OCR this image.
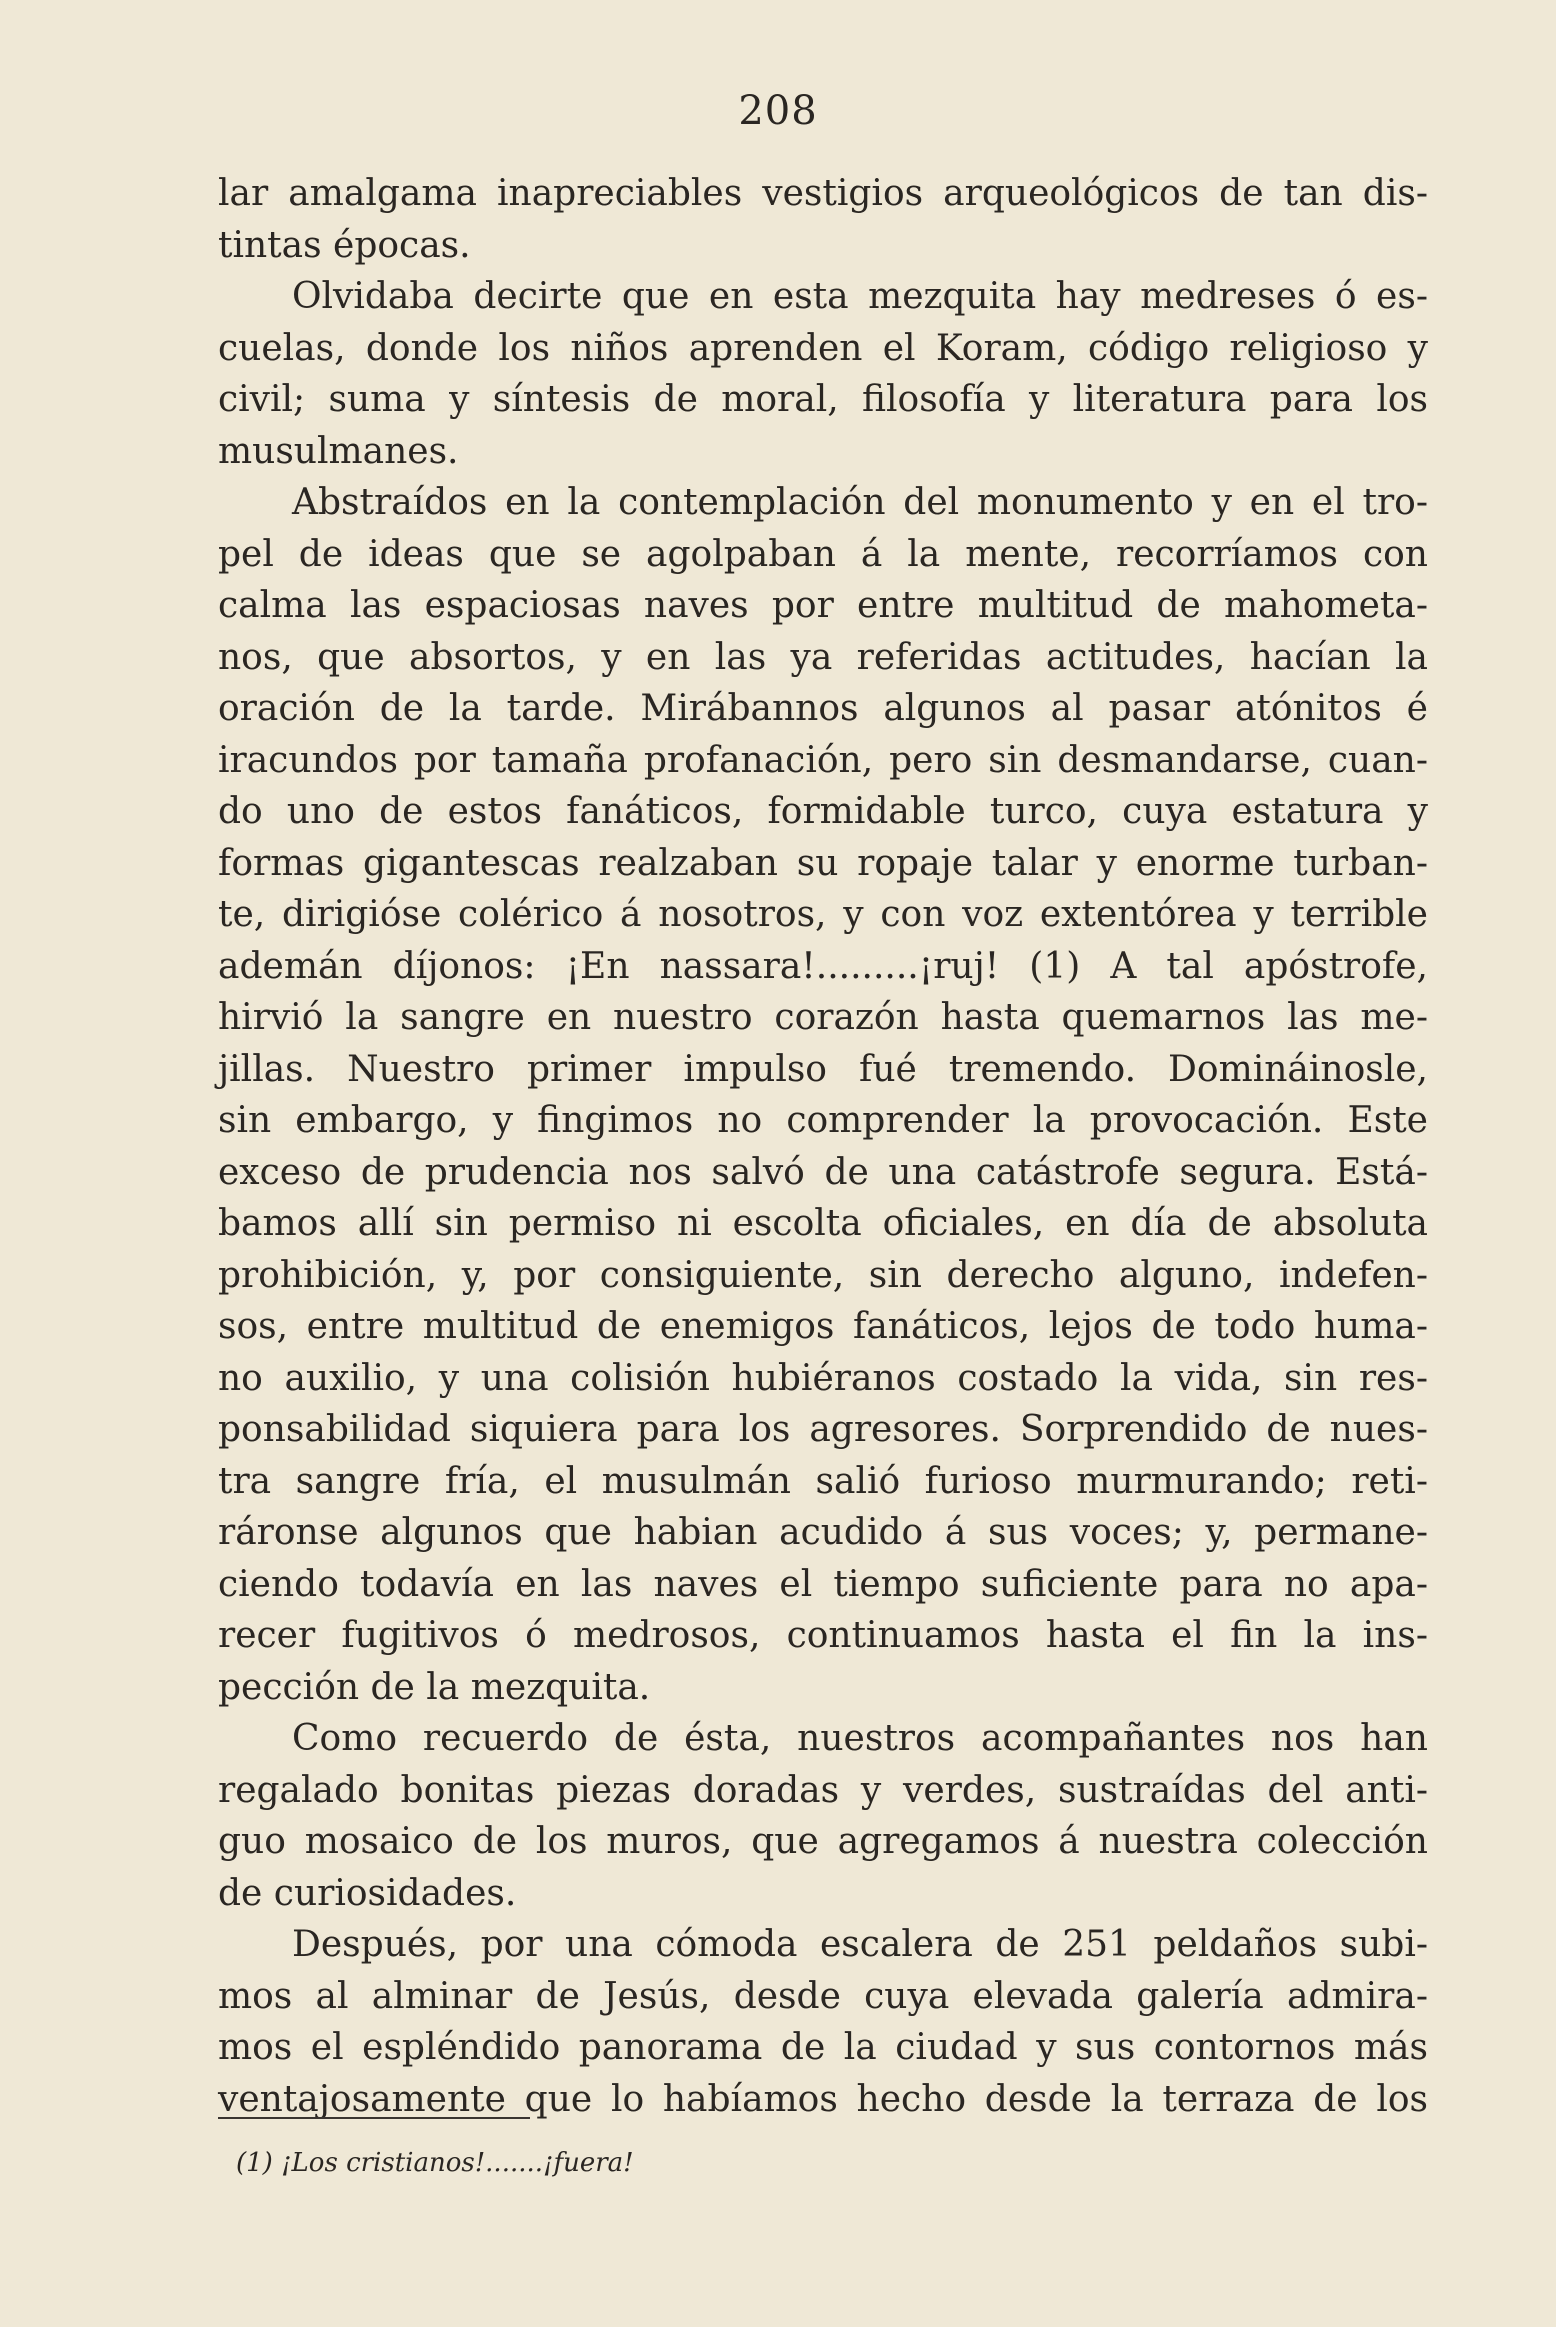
208
lar amalgama inapreciables vestigios arqueológicos de tan dis-
tintas épocas.
Olvidaba decirte que en esta mezquita hay medreses ó es-
cuelas, donde los niños aprenden el Koram, código religioso y
civil; suma y síntesis de moral, filosofía y literatura para los
musulmanes.
Abstraídos en la contemplación del monumento y en el tro-
pel de ideas que se agolpaban á la mente, recorríamos con
calma las espaciosas naves por entre multitud de mahometa-
nos, que absortos, y en las ya referidas actitudes, hacían la
oración de la tarde. Mirábannos algunos al pasar atónitos é
iracundos por tamaña profanación, pero sin desmandarse, cuan-
do uno de estos fanáticos, formidable turco, cuya estatura y
formas gigantescas realzaban su ropaje talar y enorme turban-
te, dirigióse colérico á nosotros, y con voz extentórea y terrible
ademán díjonos: ¡En nassara!.........¡ruj! (1) A tal apóstrofe,
hirvió la sangre en nuestro corazón hasta quemarnos las me-
jillas. Nuestro primer impulso fué tremendo. Domináinosle,
sin embargo, y fingimos no comprender la provocación. Este
exceso de prudencia nos salvó de una catástrofe segura. Está-
bamos allí sin permiso ni escolta oficiales, en día de absoluta
prohibición, y, por consiguiente, sin derecho alguno, indefen-
sos, entre multitud de enemigos fanáticos, lejos de todo huma-
no auxilio, y una colisión hubiéranos costado la vida, sin res-
ponsabilidad siquiera para los agresores. Sorprendido de nues-
tra sangre fría, el musulmán salió furioso murmurando; reti-
ráronse algunos que habian acudido á sus voces; y, permane-
ciendo todavía en las naves el tiempo suficiente para no apa-
recer fugitivos ó medrosos, continuamos hasta el fin la ins-
pección de la mezquita.
Como recuerdo de ésta, nuestros acompañantes nos han
regalado bonitas piezas doradas y verdes, sustraídas del anti-
guo mosaico de los muros, que agregamos á nuestra colección
de curiosidades.
Después, por una cómoda escalera de 251 peldaños subi-
mos al alminar de Jesús, desde cuya elevada galería admira-
mos el espléndido panorama de la ciudad y sus contornos más
ventajosamente que lo habíamos hecho desde la terraza de los
(1) ¡Los cristianos!.......¡fuera!
